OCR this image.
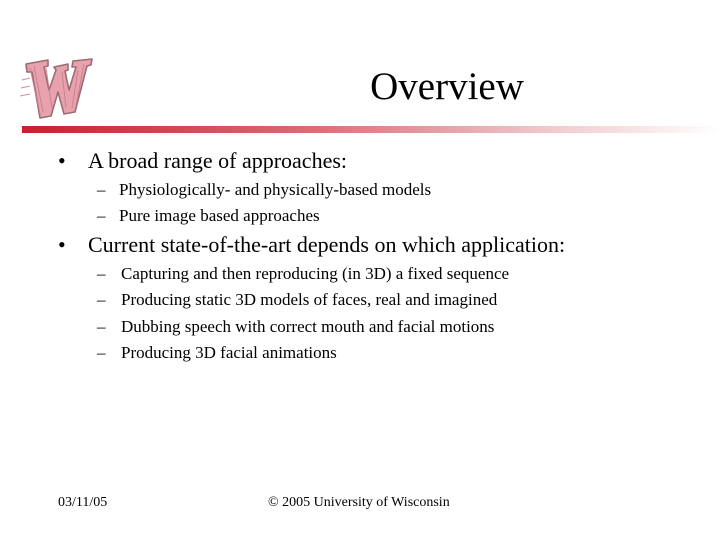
Overview
• A broad range of approaches:
– Physiologically- and physically-based models
– Pure image based approaches
• Current state-of-the-art depends on which application:
– Capturing and then reproducing (in 3D) a fixed sequence
– Producing static 3D models of faces, real and imagined
– Dubbing speech with correct mouth and facial motions
– Producing 3D facial animations
03/11/05	© 2005 University of Wisconsin
